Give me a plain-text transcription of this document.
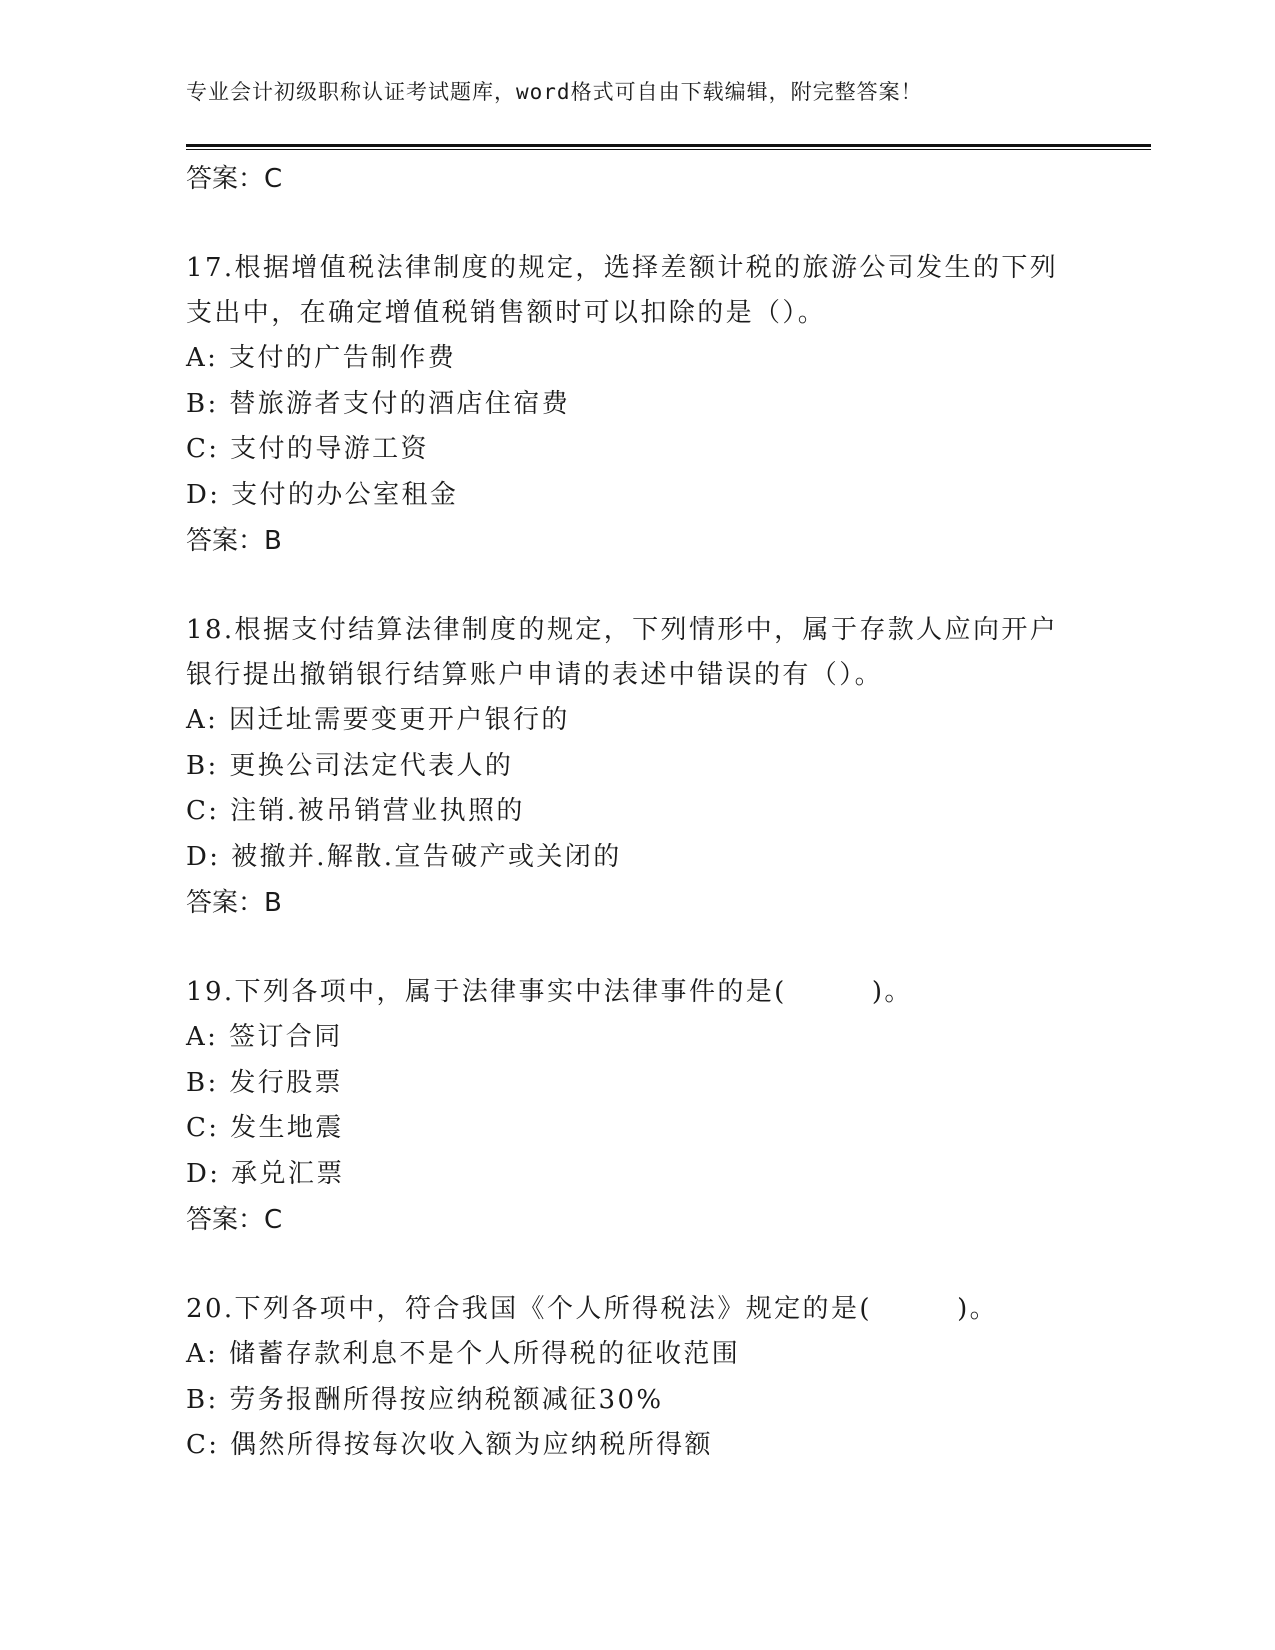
专业会计初级职称认证考试题库，word格式可自由下载编辑，附完整答案！
答案：C
17.根据增值税法律制度的规定，选择差额计税的旅游公司发生的下列支出中，在确定增值税销售额时可以扣除的是（）。
A: 支付的广告制作费
B: 替旅游者支付的酒店住宿费
C: 支付的导游工资
D: 支付的办公室租金
答案：B
18.根据支付结算法律制度的规定，下列情形中，属于存款人应向开户银行提出撤销银行结算账户申请的表述中错误的有（）。
A: 因迁址需要变更开户银行的
B: 更换公司法定代表人的
C: 注销.被吊销营业执照的
D: 被撤并.解散.宣告破产或关闭的
答案：B
19.下列各项中，属于法律事实中法律事件的是(　　　)。
A: 签订合同
B: 发行股票
C: 发生地震
D: 承兑汇票
答案：C
20.下列各项中，符合我国《个人所得税法》规定的是(　　　)。
A: 储蓄存款利息不是个人所得税的征收范围
B: 劳务报酬所得按应纳税额减征30%
C: 偶然所得按每次收入额为应纳税所得额
